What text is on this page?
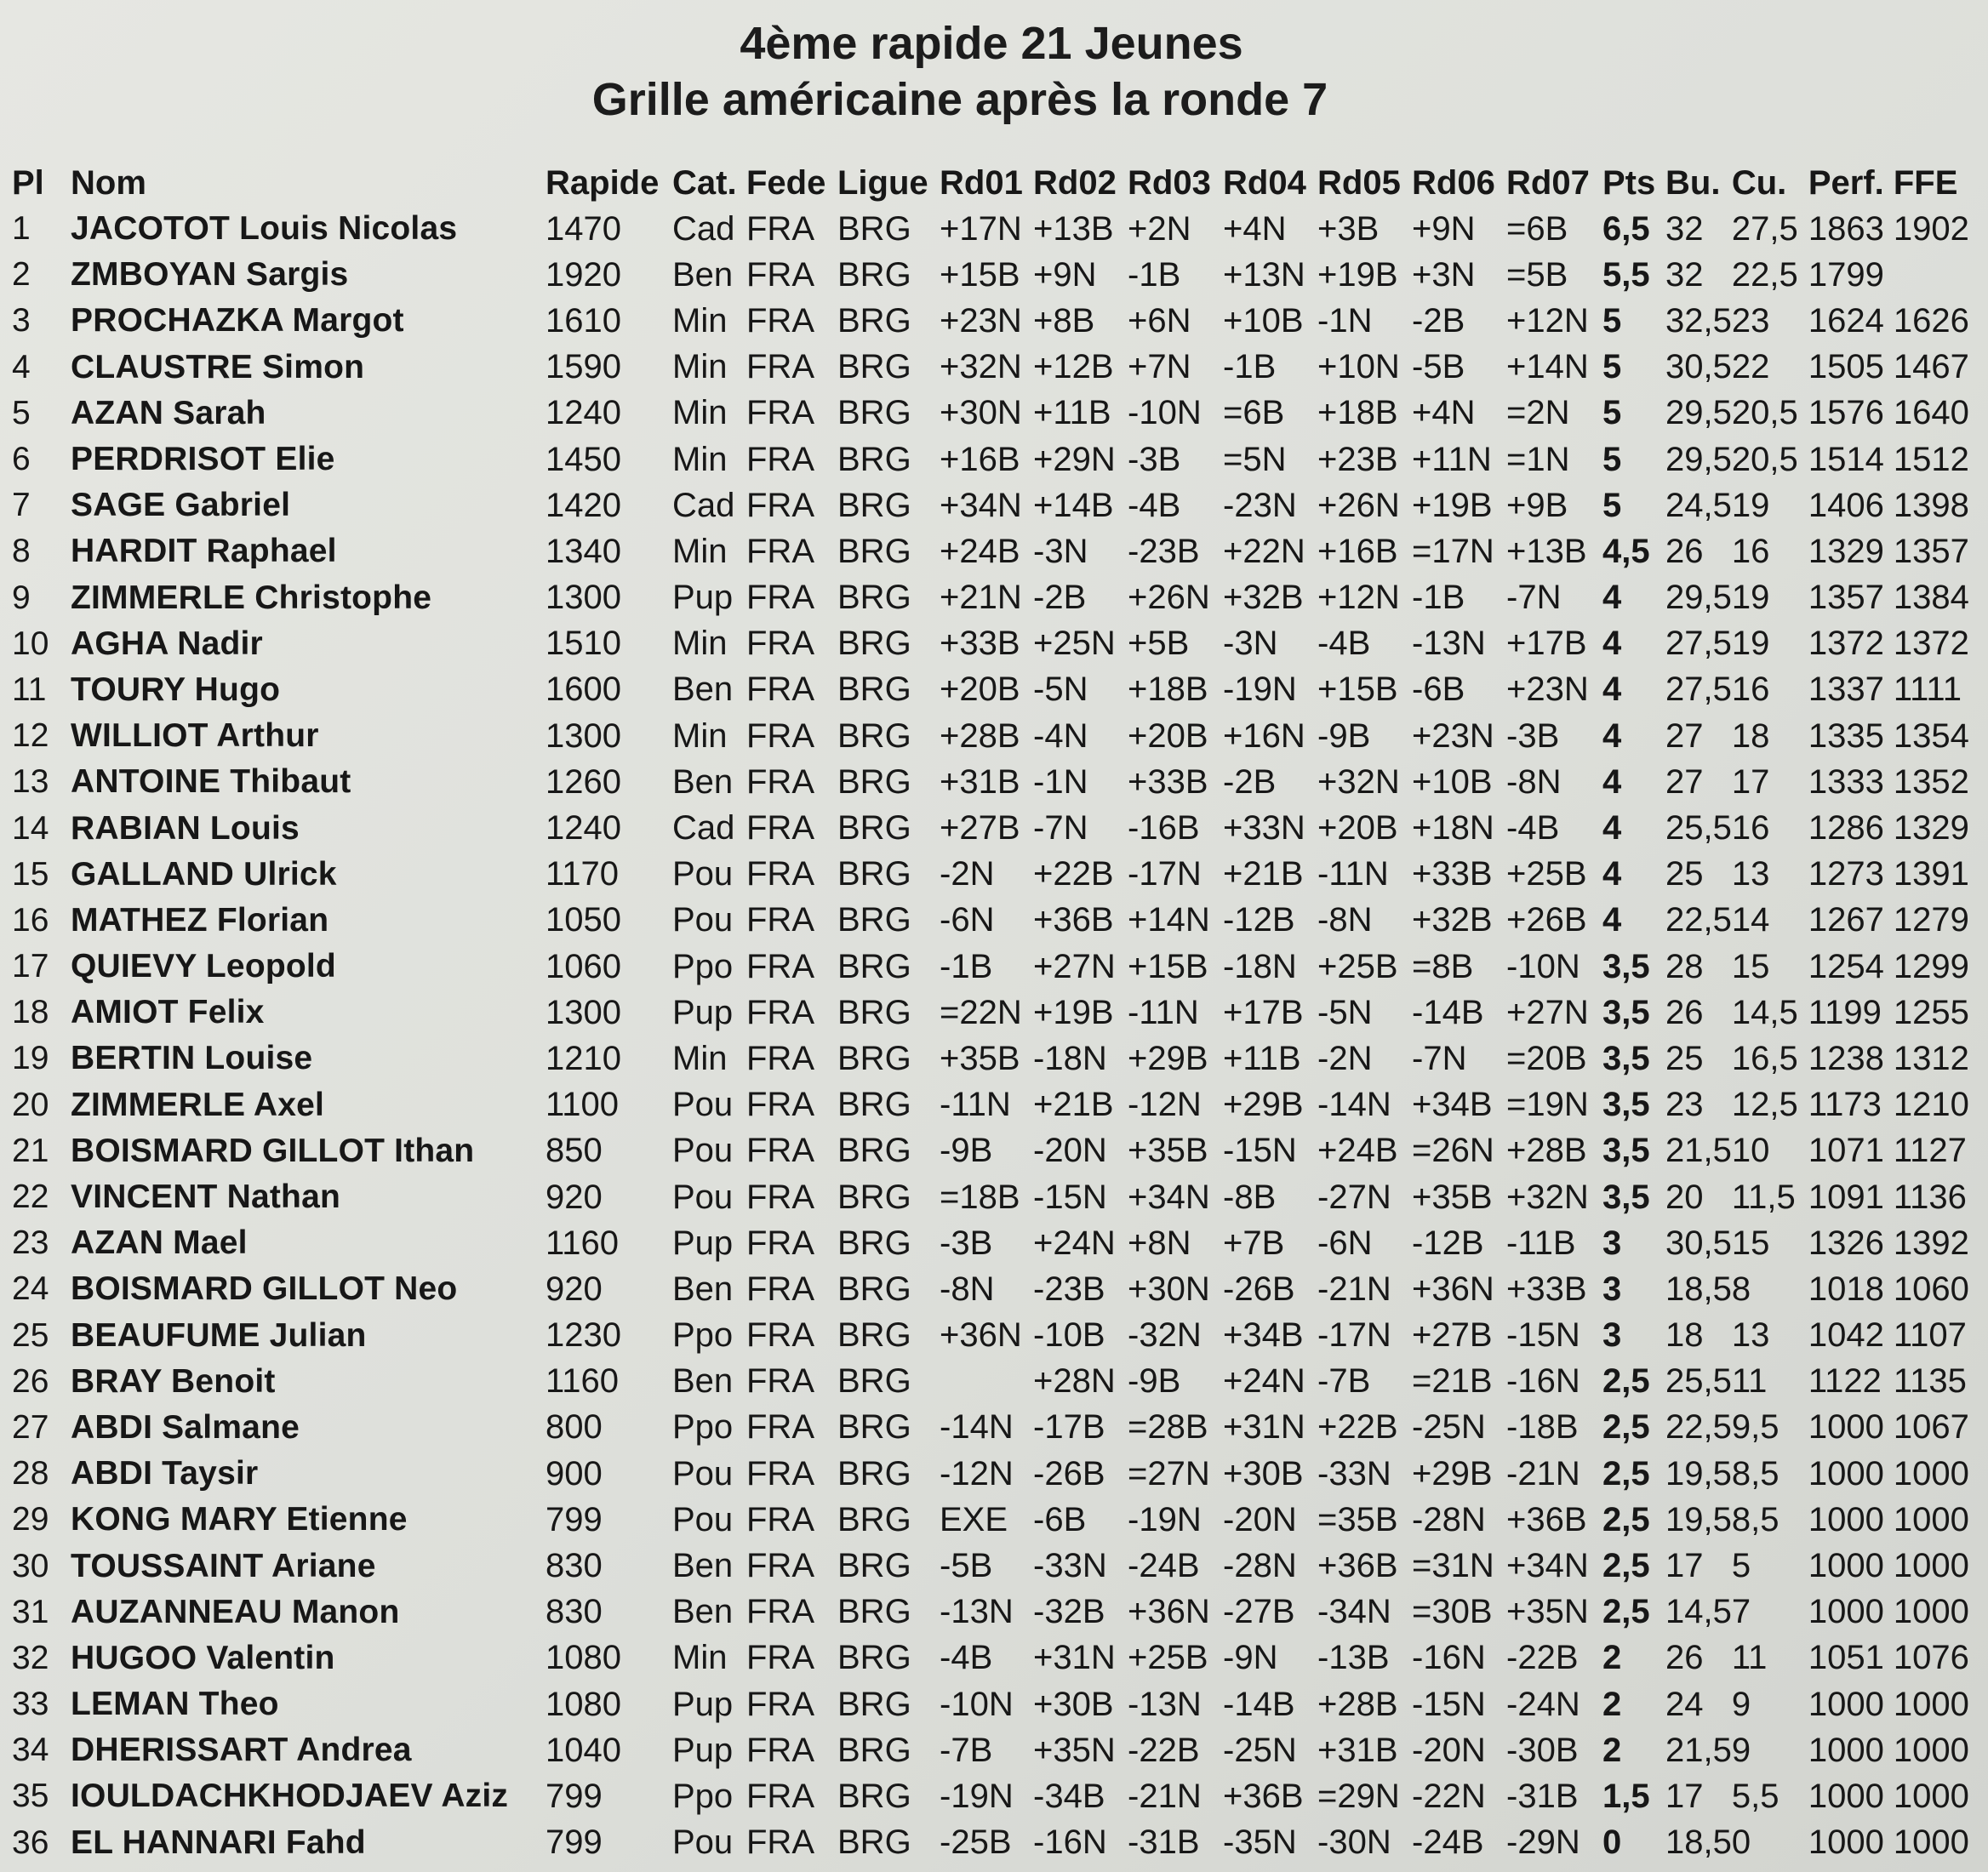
4ème rapide 21 Jeunes
Grille américaine après la ronde 7
Pl	Nom	Rapide	Cat.	Fede	Ligue	Rd01	Rd02	Rd03	Rd04	Rd05	Rd06	Rd07	Pts	Bu.	Cu.	Perf.	FFE
1	JACOTOT Louis Nicolas	1470	Cad	FRA	BRG	+17N	+13B	+2N	+4N	+3B	+9N	=6B	6,5	32	27,5	1863	1902
2	ZMBOYAN Sargis	1920	Ben	FRA	BRG	+15B	+9N	-1B	+13N	+19B	+3N	=5B	5,5	32	22,5	1799	
3	PROCHAZKA Margot	1610	Min	FRA	BRG	+23N	+8B	+6N	+10B	-1N	-2B	+12N	5	32,5	23	1624	1626
4	CLAUSTRE Simon	1590	Min	FRA	BRG	+32N	+12B	+7N	-1B	+10N	-5B	+14N	5	30,5	22	1505	1467
5	AZAN Sarah	1240	Min	FRA	BRG	+30N	+11B	-10N	=6B	+18B	+4N	=2N	5	29,5	20,5	1576	1640
6	PERDRISOT Elie	1450	Min	FRA	BRG	+16B	+29N	-3B	=5N	+23B	+11N	=1N	5	29,5	20,5	1514	1512
7	SAGE Gabriel	1420	Cad	FRA	BRG	+34N	+14B	-4B	-23N	+26N	+19B	+9B	5	24,5	19	1406	1398
8	HARDIT Raphael	1340	Min	FRA	BRG	+24B	-3N	-23B	+22N	+16B	=17N	+13B	4,5	26	16	1329	1357
9	ZIMMERLE Christophe	1300	Pup	FRA	BRG	+21N	-2B	+26N	+32B	+12N	-1B	-7N	4	29,5	19	1357	1384
10	AGHA Nadir	1510	Min	FRA	BRG	+33B	+25N	+5B	-3N	-4B	-13N	+17B	4	27,5	19	1372	1372
11	TOURY Hugo	1600	Ben	FRA	BRG	+20B	-5N	+18B	-19N	+15B	-6B	+23N	4	27,5	16	1337	1111
12	WILLIOT Arthur	1300	Min	FRA	BRG	+28B	-4N	+20B	+16N	-9B	+23N	-3B	4	27	18	1335	1354
13	ANTOINE Thibaut	1260	Ben	FRA	BRG	+31B	-1N	+33B	-2B	+32N	+10B	-8N	4	27	17	1333	1352
14	RABIAN Louis	1240	Cad	FRA	BRG	+27B	-7N	-16B	+33N	+20B	+18N	-4B	4	25,5	16	1286	1329
15	GALLAND Ulrick	1170	Pou	FRA	BRG	-2N	+22B	-17N	+21B	-11N	+33B	+25B	4	25	13	1273	1391
16	MATHEZ Florian	1050	Pou	FRA	BRG	-6N	+36B	+14N	-12B	-8N	+32B	+26B	4	22,5	14	1267	1279
17	QUIEVY Leopold	1060	Ppo	FRA	BRG	-1B	+27N	+15B	-18N	+25B	=8B	-10N	3,5	28	15	1254	1299
18	AMIOT Felix	1300	Pup	FRA	BRG	=22N	+19B	-11N	+17B	-5N	-14B	+27N	3,5	26	14,5	1199	1255
19	BERTIN Louise	1210	Min	FRA	BRG	+35B	-18N	+29B	+11B	-2N	-7N	=20B	3,5	25	16,5	1238	1312
20	ZIMMERLE Axel	1100	Pou	FRA	BRG	-11N	+21B	-12N	+29B	-14N	+34B	=19N	3,5	23	12,5	1173	1210
21	BOISMARD GILLOT Ithan	850	Pou	FRA	BRG	-9B	-20N	+35B	-15N	+24B	=26N	+28B	3,5	21,5	10	1071	1127
22	VINCENT Nathan	920	Pou	FRA	BRG	=18B	-15N	+34N	-8B	-27N	+35B	+32N	3,5	20	11,5	1091	1136
23	AZAN Mael	1160	Pup	FRA	BRG	-3B	+24N	+8N	+7B	-6N	-12B	-11B	3	30,5	15	1326	1392
24	BOISMARD GILLOT Neo	920	Ben	FRA	BRG	-8N	-23B	+30N	-26B	-21N	+36N	+33B	3	18,5	8	1018	1060
25	BEAUFUME Julian	1230	Ppo	FRA	BRG	+36N	-10B	-32N	+34B	-17N	+27B	-15N	3	18	13	1042	1107
26	BRAY Benoit	1160	Ben	FRA	BRG		+28N	-9B	+24N	-7B	=21B	-16N	2,5	25,5	11	1122	1135
27	ABDI Salmane	800	Ppo	FRA	BRG	-14N	-17B	=28B	+31N	+22B	-25N	-18B	2,5	22,5	9,5	1000	1067
28	ABDI Taysir	900	Pou	FRA	BRG	-12N	-26B	=27N	+30B	-33N	+29B	-21N	2,5	19,5	8,5	1000	1000
29	KONG MARY Etienne	799	Pou	FRA	BRG	EXE	-6B	-19N	-20N	=35B	-28N	+36B	2,5	19,5	8,5	1000	1000
30	TOUSSAINT Ariane	830	Ben	FRA	BRG	-5B	-33N	-24B	-28N	+36B	=31N	+34N	2,5	17	5	1000	1000
31	AUZANNEAU Manon	830	Ben	FRA	BRG	-13N	-32B	+36N	-27B	-34N	=30B	+35N	2,5	14,5	7	1000	1000
32	HUGOO Valentin	1080	Min	FRA	BRG	-4B	+31N	+25B	-9N	-13B	-16N	-22B	2	26	11	1051	1076
33	LEMAN Theo	1080	Pup	FRA	BRG	-10N	+30B	-13N	-14B	+28B	-15N	-24N	2	24	9	1000	1000
34	DHERISSART Andrea	1040	Pup	FRA	BRG	-7B	+35N	-22B	-25N	+31B	-20N	-30B	2	21,5	9	1000	1000
35	IOULDACHKHODJAEV Aziz	799	Ppo	FRA	BRG	-19N	-34B	-21N	+36B	=29N	-22N	-31B	1,5	17	5,5	1000	1000
36	EL HANNARI Fahd	799	Pou	FRA	BRG	-25B	-16N	-31B	-35N	-30N	-24B	-29N	0	18,5	0	1000	1000
